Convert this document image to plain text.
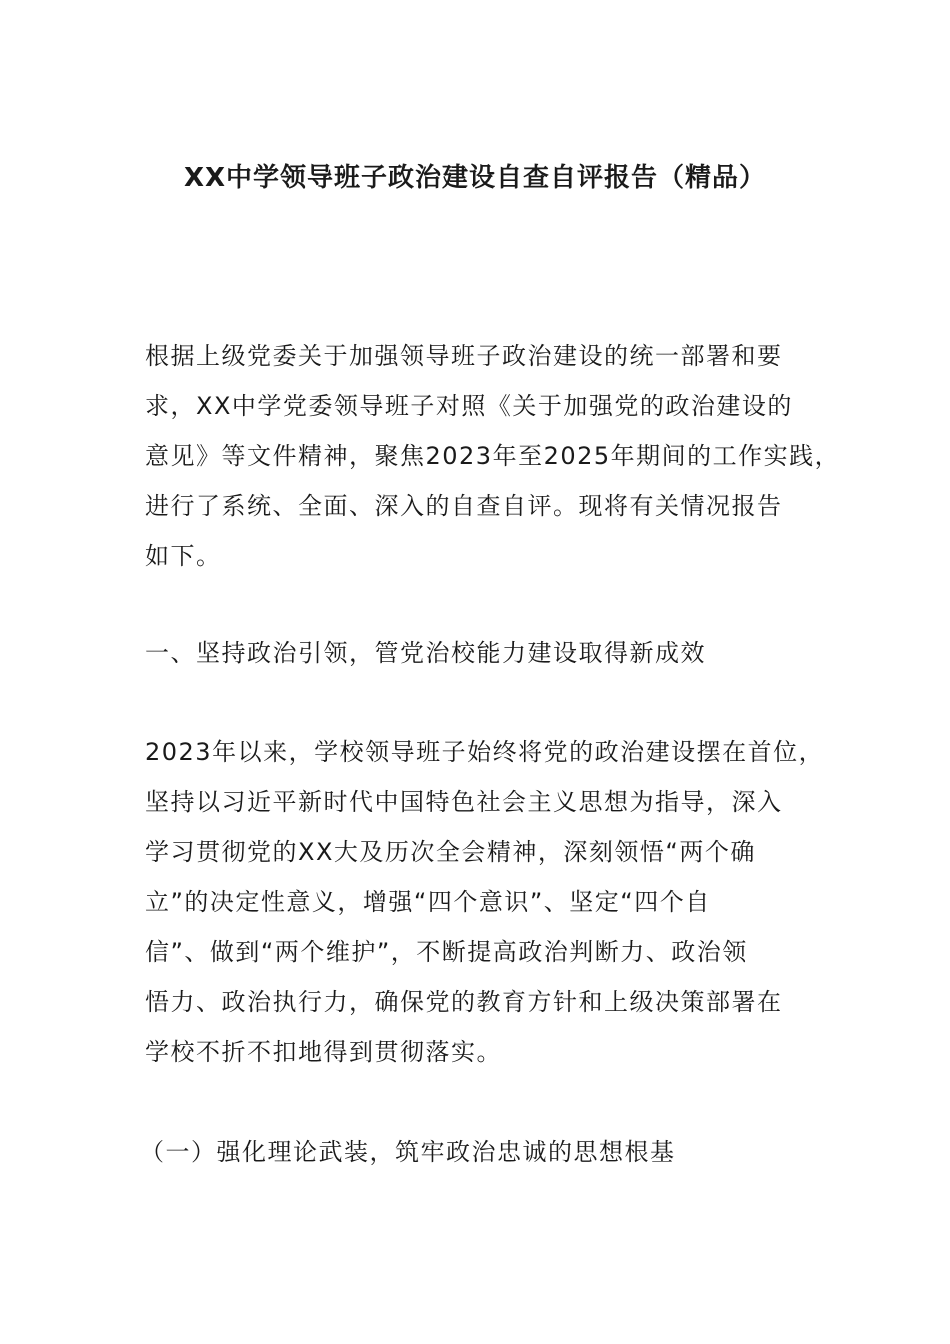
XX中学领导班子政治建设自查自评报告（精品）
根据上级党委关于加强领导班子政治建设的统一部署和要
求，XX中学党委领导班子对照《关于加强党的政治建设的
意见》等文件精神，聚焦2023年至2025年期间的工作实践，
进行了系统、全面、深入的自查自评。现将有关情况报告
如下。
一、坚持政治引领，管党治校能力建设取得新成效
2023年以来，学校领导班子始终将党的政治建设摆在首位，
坚持以习近平新时代中国特色社会主义思想为指导，深入
学习贯彻党的XX大及历次全会精神，深刻领悟“两个确
立”的决定性意义，增强“四个意识”、坚定“四个自
信”、做到“两个维护”，不断提高政治判断力、政治领
悟力、政治执行力，确保党的教育方针和上级决策部署在
学校不折不扣地得到贯彻落实。
（一）强化理论武装，筑牢政治忠诚的思想根基
